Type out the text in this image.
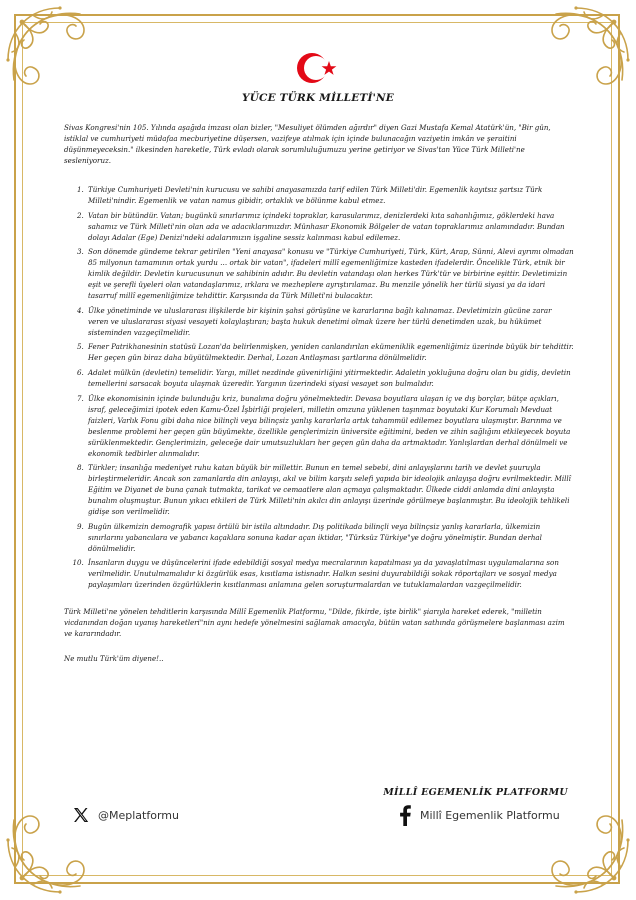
YÜCE TÜRK MİLLETİ'NE

Sivas Kongresi'nin 105. Yılında aşağıda imzası olan bizler, "Mesuliyet ölümden ağırdır" diyen Gazi Mustafa Kemal Atatürk'ün, "Bir gün, istiklal ve cumhuriyeti müdafaa mecburiyetine düşersen, vazifeye atılmak için içinde bulunacağın vaziyetin imkân ve şeraitini düşünmeyeceksin." ilkesinden hareketle, Türk evladı olarak sorumluluğumuzu yerine getiriyor ve Sivas'tan Yüce Türk Milleti'ne sesleniyoruz.

1. Türkiye Cumhuriyeti Devleti'nin kurucusu ve sahibi anayasamızda tarif edilen Türk Milleti'dir. Egemenlik kayıtsız şartsız Türk Milleti'nindir. Egemenlik ve vatan namus gibidir, ortaklık ve bölünme kabul etmez.
2. Vatan bir bütündür. Vatan; bugünkü sınırlarımız içindeki topraklar, karasularımız, denizlerdeki kıta sahanlığımız, göklerdeki hava sahamız ve Türk Milleti'nin olan ada ve adacıklarımızdır. Münhasır Ekonomik Bölgeler de vatan topraklarımız anlamındadır. Bundan dolayı Adalar (Ege) Denizi'ndeki adalarımızın işgaline sessiz kalınması kabul edilemez.
3. Son dönemde gündeme tekrar getirilen "Yeni anayasa" konusu ve "Türkiye Cumhuriyeti, Türk, Kürt, Arap, Sünni, Alevi ayrımı olmadan 85 milyonun tamamının ortak yurdu … ortak bir vatan", ifadeleri millî egemenliğimize kasteden ifadelerdir. Öncelikle Türk, etnik bir kimlik değildir. Devletin kurucusunun ve sahibinin adıdır. Bu devletin vatandaşı olan herkes Türk'tür ve birbirine eşittir. Devletimizin eşit ve şerefli üyeleri olan vatandaşlarımız, ırklara ve mezheplere ayrıştırılamaz. Bu menzile yönelik her türlü siyasi ya da idari tasarruf millî egemenliğimize tehdittir. Karşısında da Türk Milleti'ni bulacaktır.
4. Ülke yönetiminde ve uluslararası ilişkilerde bir kişinin şahsi görüşüne ve kararlarına bağlı kalınamaz. Devletimizin gücüne zarar veren ve uluslararası siyasi vesayeti kolaylaştıran; başta hukuk denetimi olmak üzere her türlü denetimden uzak, bu hükümet sisteminden vazgeçilmelidir.
5. Fener Patrikhanesinin statüsü Lozan'da belirlenmişken, yeniden canlandırılan ekümeniklik egemenliğimiz üzerinde büyük bir tehdittir. Her geçen gün biraz daha büyütülmektedir. Derhal, Lozan Antlaşması şartlarına dönülmelidir.
6. Adalet mülkün (devletin) temelidir. Yargı, millet nezdinde güvenirliğini yitirmektedir. Adaletin yokluğuna doğru olan bu gidiş, devletin temellerini sarsacak boyuta ulaşmak üzeredir. Yargının üzerindeki siyasi vesayet son bulmalıdır.
7. Ülke ekonomisinin içinde bulunduğu kriz, bunalıma doğru yönelmektedir. Devasa boyutlara ulaşan iç ve dış borçlar, bütçe açıkları, israf, geleceğimizi ipotek eden Kamu-Özel İşbirliği projeleri, milletin omzuna yüklenen taşınmaz boyutaki Kur Korumalı Mevduat faizleri, Varlık Fonu gibi daha nice bilinçli veya bilinçsiz yanlış kararlarla artık tahammül edilemez boyutlara ulaşmıştır. Barınma ve beslenme problemi her geçen gün büyümekte, özellikle gençlerimizin üniversite eğitimini, beden ve zihin sağlığını etkileyecek boyuta sürüklenmektedir. Gençlerimizin, geleceğe dair umutsuzlukları her geçen gün daha da artmaktadır. Yanlışlardan derhal dönülmeli ve ekonomik tedbirler alınmalıdır.
8. Türkler; insanlığa medeniyet ruhu katan büyük bir millettir. Bunun en temel sebebi, dini anlayışlarını tarih ve devlet şuuruyla birleştirmeleridir. Ancak son zamanlarda din anlayışı, akıl ve bilim karşıtı selefi yapıda bir ideolojik anlayışa doğru evrilmektedir. Millî Eğitim ve Diyanet de buna çanak tutmakta, tarikat ve cemaatlere alan açmaya çalışmaktadır. Ülkede ciddi anlamda dini anlayışta bunalım oluşmuştur. Bunun yıkıcı etkileri de Türk Milleti'nin akılcı din anlayışı üzerinde görülmeye başlanmıştır. Bu ideolojik tehlikeli gidişe son verilmelidir.
9. Bugün ülkemizin demografik yapısı örtülü bir istila altındadır. Dış politikada bilinçli veya bilinçsiz yanlış kararlarla, ülkemizin sınırlarını yabancılara ve yabancı kaçaklara sonuna kadar açan iktidar, "Türksüz Türkiye"ye doğru yönelmiştir. Bundan derhal dönülmelidir.
10. İnsanların duygu ve düşüncelerini ifade edebildiği sosyal medya mecralarının kapatılması ya da yavaşlatılması uygulamalarına son verilmelidir. Unutulmamalıdır ki özgürlük esas, kısıtlama istisnadır. Halkın sesini duyurabildiği sokak röportajları ve sosyal medya paylaşımları üzerinden özgürlüklerin kısıtlanması anlamına gelen soruşturmalardan ve tutuklamalardan vazgeçilmelidir.

Türk Milleti'ne yönelen tehditlerin karşısında Millî Egemenlik Platformu, "Dilde, fikirde, işte birlik" şiarıyla hareket ederek, "milletin vicdanından doğan uyanış hareketleri"nin aynı hedefe yönelmesini sağlamak amacıyla, bütün vatan sathında görüşmelere başlanması azim ve kararındadır.

Ne mutlu Türk'üm diyene!..

MİLLÎ EGEMENLİK PLATFORMU
@Meplatformu	Millî Egemenlik Platformu
